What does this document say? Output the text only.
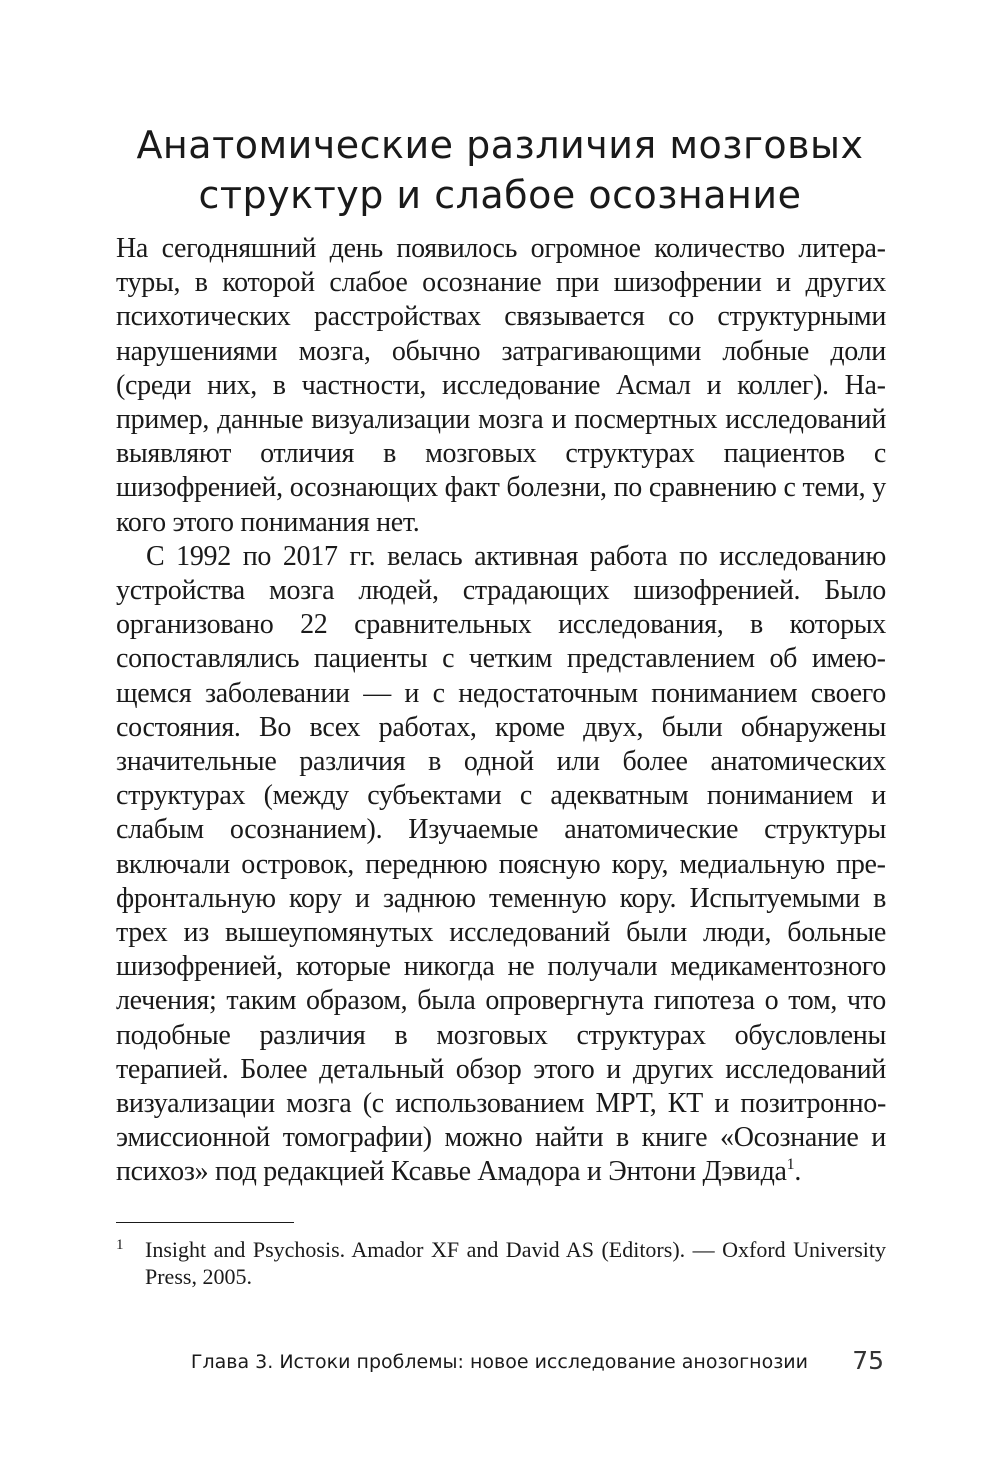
Анатомические различия мозговых
структур и слабое осознание

На сегодняшний день появилось огромное количество литературы, в которой слабое осознание при шизофрении и других психотических расстройствах связывается со структурными нарушениями мозга, обычно затрагивающими лобные доли (среди них, в частности, исследование Асмал и коллег). Например, данные визуализации мозга и посмертных исследований выявляют отличия в мозговых структурах пациентов с шизофренией, осознающих факт болезни, по сравнению с теми, у кого этого понимания нет.

С 1992 по 2017 гг. велась активная работа по исследованию устройства мозга людей, страдающих шизофренией. Было организовано 22 сравнительных исследования, в которых сопоставлялись пациенты с четким представлением об имеющемся заболевании — и с недостаточным пониманием своего состояния. Во всех работах, кроме двух, были обнаружены значительные различия в одной или более анатомических структурах (между субъектами с адекватным пониманием и слабым осознанием). Изучаемые анатомические структуры включали островок, переднюю поясную кору, медиальную префронтальную кору и заднюю теменную кору. Испытуемыми в трех из вышеупомянутых исследований были люди, больные шизофренией, которые никогда не получали медикаментозного лечения; таким образом, была опровергнута гипотеза о том, что подобные различия в мозговых структурах обусловлены терапией. Более детальный обзор этого и других исследований визуализации мозга (с использованием МРТ, КТ и позитронно-эмиссионной томографии) можно найти в книге «Осознание и психоз» под редакцией Ксавье Амадора и Энтони Дэвида$^1$.

1 Insight and Psychosis. Amador XF and David AS (Editors). — Oxford University Press, 2005.
Глава 3. Истоки проблемы: новое исследование анозогнозии 75
